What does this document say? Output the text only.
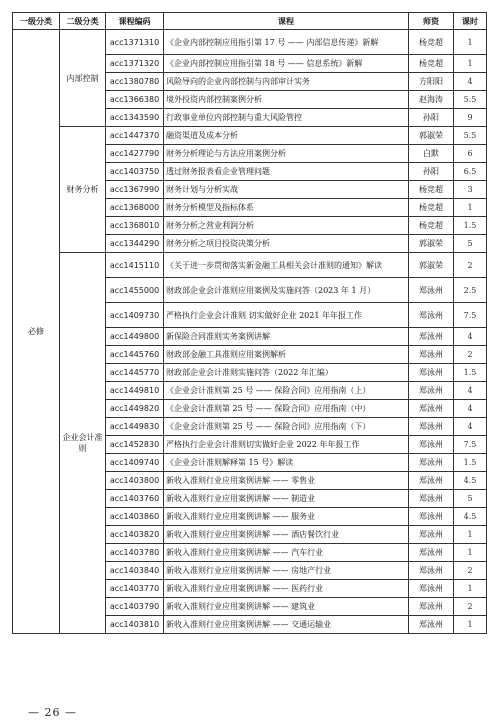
一级分类	二级分类	课程编码	课程	师资	课时
必修	内部控制	acc1371310	《企业内部控制应用指引第 17 号 —— 内部信息传递》新解	杨竞超	1
		acc1371320	《企业内部控制应用指引第 18 号 —— 信息系统》新解	杨竞超	1
		acc1380780	风险导向的企业内部控制与内部审计实务	方阳阳	4
		acc1366380	境外投资内部控制案例分析	赵海涛	5.5
		acc1343590	行政事业单位内部控制与重大风险管控	孙阳	9
	财务分析	acc1447370	融资渠道及成本分析	郭淑荣	5.5
		acc1427790	财务分析理论与方法应用案例分析	白默	6
		acc1403750	透过财务报表看企业管理问题	孙阳	6.5
		acc1367990	财务计划与分析实战	杨竞超	3
		acc1368000	财务分析模型及指标体系	杨竞超	1
		acc1368010	财务分析之营业利润分析	杨竞超	1.5
		acc1344290	财务分析之项目投资决策分析	郭淑荣	5
	企业会计准则	acc1415110	《关于进一步贯彻落实新金融工具相关会计准则的通知》解读	郭淑荣	2
		acc1455000	财政部企业会计准则应用案例及实施问答（2023 年 1 月）	郑泳州	2.5
		acc1409730	严格执行企业会计准则 切实做好企业 2021 年年报工作	郑泳州	7.5
		acc1449800	新保险合同准则实务案例讲解	郑泳州	4
		acc1445760	财政部金融工具准则应用案例解析	郑泳州	2
		acc1445770	财政部企业会计准则实施问答（2022 年汇编）	郑泳州	1.5
		acc1449810	《企业会计准则第 25 号 —— 保险合同》应用指南（上）	郑泳州	4
		acc1449820	《企业会计准则第 25 号 —— 保险合同》应用指南（中）	郑泳州	4
		acc1449830	《企业会计准则第 25 号 —— 保险合同》应用指南（下）	郑泳州	4
		acc1452830	严格执行企业会计准则切实做好企业 2022 年年报工作	郑泳州	7.5
		acc1409740	《企业会计准则解释第 15 号》解读	郑泳州	1.5
		acc1403800	新收入准则行业应用案例讲解 —— 零售业	郑泳州	4.5
		acc1403760	新收入准则行业应用案例讲解 —— 制造业	郑泳州	5
		acc1403860	新收入准则行业应用案例讲解 —— 服务业	郑泳州	4.5
		acc1403820	新收入准则行业应用案例讲解 —— 酒店餐饮行业	郑泳州	1
		acc1403780	新收入准则行业应用案例讲解 —— 汽车行业	郑泳州	1
		acc1403840	新收入准则行业应用案例讲解 —— 房地产行业	郑泳州	2
		acc1403770	新收入准则行业应用案例讲解 —— 医药行业	郑泳州	1
		acc1403790	新收入准则行业应用案例讲解 —— 建筑业	郑泳州	2
		acc1403810	新收入准则行业应用案例讲解 —— 交通运输业	郑泳州	1
— 26 —
